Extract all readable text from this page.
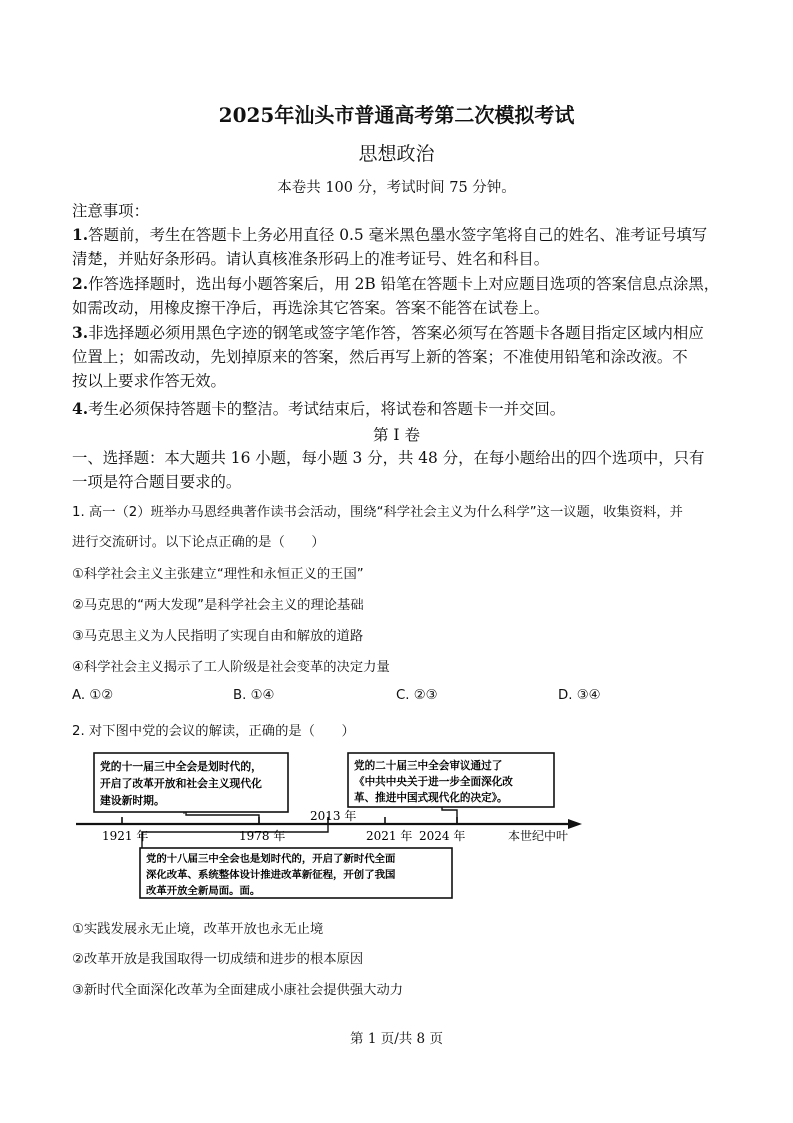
2025年汕头市普通高考第二次模拟考试
思想政治
本卷共 100 分，考试时间 75 分钟。
注意事项：
1.答题前，考生在答题卡上务必用直径 0.5 毫米黑色墨水签字笔将自己的姓名、准考证号填写
清楚，并贴好条形码。请认真核准条形码上的准考证号、姓名和科目。
2.作答选择题时，选出每小题答案后，用 2B 铅笔在答题卡上对应题目选项的答案信息点涂黑，
如需改动，用橡皮擦干净后，再选涂其它答案。答案不能答在试卷上。
3.非选择题必须用黑色字迹的钢笔或签字笔作答，答案必须写在答题卡各题目指定区域内相应
位置上；如需改动，先划掉原来的答案，然后再写上新的答案；不准使用铅笔和涂改液。不
按以上要求作答无效。
4.考生必须保持答题卡的整洁。考试结束后，将试卷和答题卡一并交回。
第 I 卷
一、选择题：本大题共 16 小题，每小题 3 分，共 48 分，在每小题给出的四个选项中，只有
一项是符合题目要求的。
1. 高一（2）班举办马恩经典著作读书会活动，围绕“科学社会主义为什么科学”这一议题，收集资料，并
进行交流研讨。以下论点正确的是（　　）
①科学社会主义主张建立“理性和永恒正义的王国”
②马克思的“两大发现”是科学社会主义的理论基础
③马克思主义为人民指明了实现自由和解放的道路
④科学社会主义揭示了工人阶级是社会变革的决定力量
A. ①②	B. ①④	C. ②③	D. ③④
2. 对下图中党的会议的解读，正确的是（　　）
党的十一届三中全会是划时代的，
开启了改革开放和社会主义现代化
建设新时期。
党的二十届三中全会审议通过了
《中共中央关于进一步全面深化改
革、推进中国式现代化的决定》。
1921 年	1978 年
2013 年
2021 年 2024 年	本世纪中叶
党的十八届三中全会也是划时代的，开启了新时代全面
深化改革、系统整体设计推进改革新征程，开创了我国
改革开放全新局面。面。
①实践发展永无止境，改革开放也永无止境
②改革开放是我国取得一切成绩和进步的根本原因
③新时代全面深化改革为全面建成小康社会提供强大动力
第 1 页/共 8 页
